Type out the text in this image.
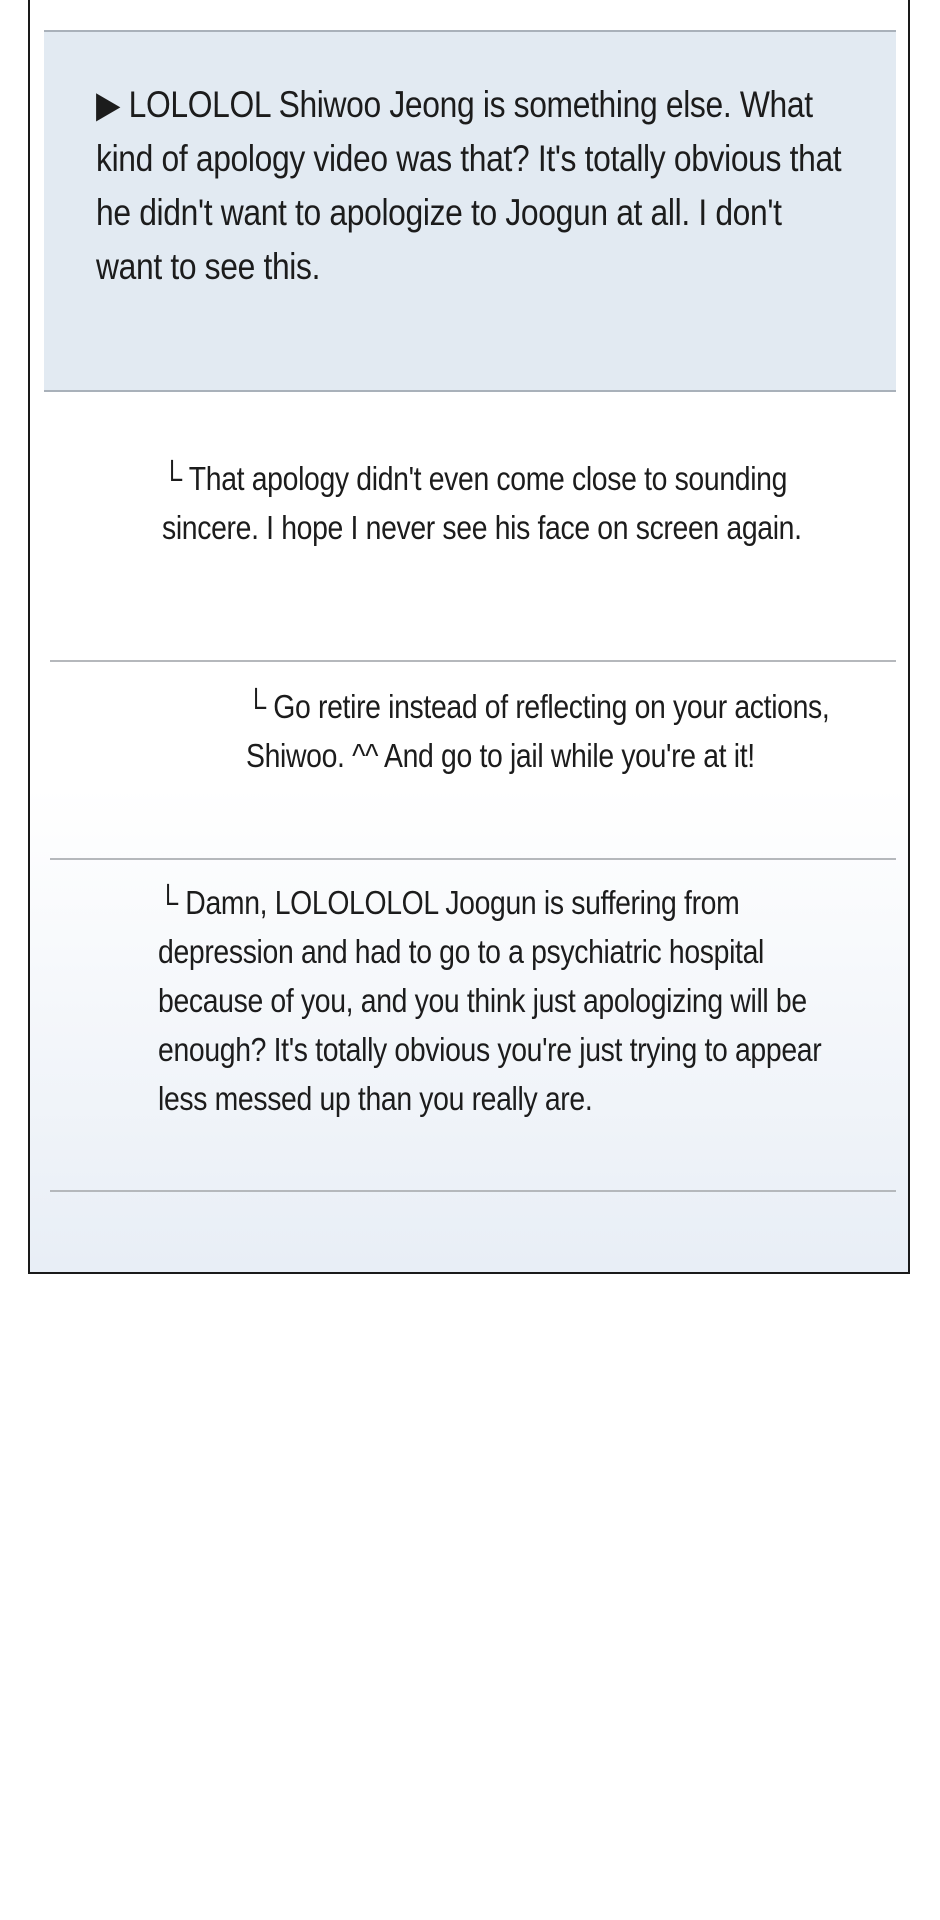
▶ LOLOLOL Shiwoo Jeong is something else. What kind of apology video was that? It's totally obvious that he didn't want to apologize to Joogun at all. I don't want to see this.
└ That apology didn't even come close to sounding sincere. I hope I never see his face on screen again.
└ Go retire instead of reflecting on your actions, Shiwoo. ^^ And go to jail while you're at it!
└ Damn, LOLOLOLOL Joogun is suffering from depression and had to go to a psychiatric hospital because of you, and you think just apologizing will be enough? It's totally obvious you're just trying to appear less messed up than you really are.
